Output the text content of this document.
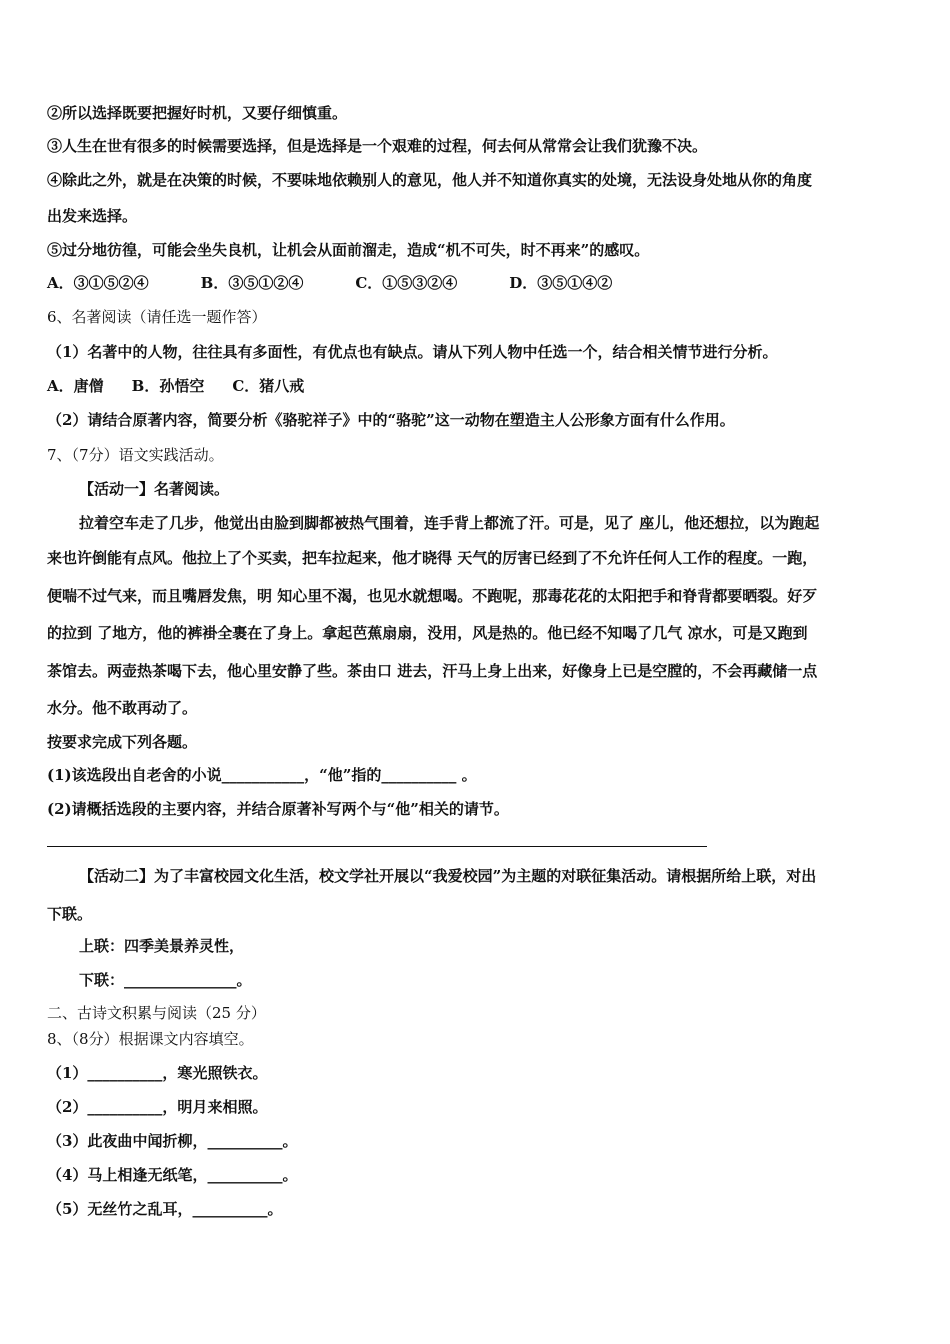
②所以选择既要把握好时机，又要仔细慎重。
③人生在世有很多的时候需要选择，但是选择是一个艰难的过程，何去何从常常会让我们犹豫不决。
④除此之外，就是在决策的时候，不要味地依赖别人的意见，他人并不知道你真实的处境，无法设身处地从你的角度
出发来选择。
⑤过分地彷徨，可能会坐失良机，让机会从面前溜走，造成“机不可失，时不再来”的感叹。
A．③①⑤②④	B．③⑤①②④	C．①⑤③②④	D．③⑤①④②
6、名著阅读（请任选一题作答）
（1）名著中的人物，往往具有多面性，有优点也有缺点。请从下列人物中任选一个，结合相关情节进行分析。
A．唐僧 B．孙悟空 C．猪八戒
（2）请结合原著内容，简要分析《骆驼祥子》中的“骆驼”这一动物在塑造主人公形象方面有什么作用。
7、（7分）语文实践活动。
【活动一】名著阅读。
拉着空车走了几步，他觉出由脸到脚都被热气围着，连手背上都流了汗。可是，见了 座儿，他还想拉，以为跑起
来也许倒能有点风。他拉上了个买卖，把车拉起来，他才晓得 天气的厉害已经到了不允许任何人工作的程度。一跑，
便喘不过气来，而且嘴唇发焦，明 知心里不渴，也见水就想喝。不跑呢，那毒花花的太阳把手和脊背都要晒裂。好歹
的拉到 了地方，他的裤褂全裹在了身上。拿起芭蕉扇扇，没用，风是热的。他已经不知喝了几气 凉水，可是又跑到
茶馆去。两壶热茶喝下去，他心里安静了些。茶由口 进去，汗马上身上出来，好像身上已是空膛的，不会再藏储一点
水分。他不敢再动了。
按要求完成下列各题。
(1)该选段出自老舍的小说___________，“他”指的__________ 。
(2)请概括选段的主要内容，并结合原著补写两个与“他”相关的请节。
【活动二】为了丰富校园文化生活，校文学社开展以“我爱校园”为主题的对联征集活动。请根据所给上联，对出
下联。
上联：四季美景养灵性，
下联：_______________。
二、古诗文积累与阅读（25 分）
8、（8分）根据课文内容填空。
（1）__________，寒光照铁衣。
（2）__________，明月来相照。
（3）此夜曲中闻折柳，__________。
（4）马上相逢无纸笔，__________。
（5）无丝竹之乱耳，__________。
